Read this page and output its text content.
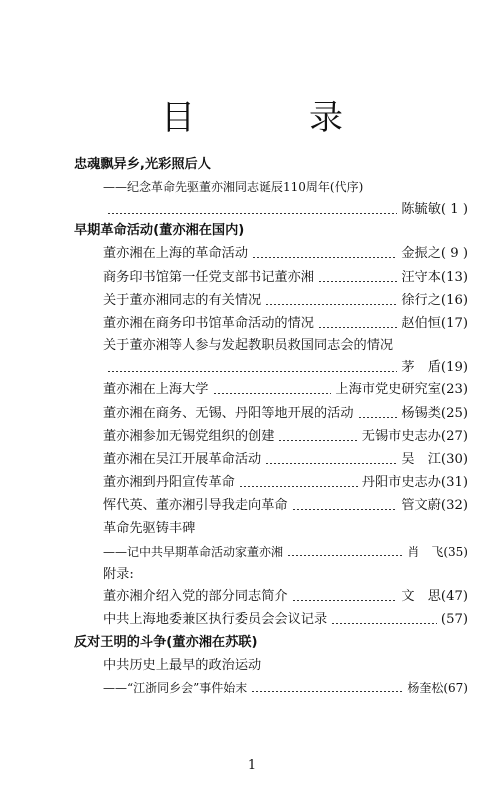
目　录
忠魂飘异乡,光彩照后人
——纪念革命先驱董亦湘同志诞辰110周年(代序)
陈毓敏( 1 )
早期革命活动(董亦湘在国内)
董亦湘在上海的革命活动	金振之( 9 )
商务印书馆第一任党支部书记董亦湘	汪守本(13)
关于董亦湘同志的有关情况	徐行之(16)
董亦湘在商务印书馆革命活动的情况	赵伯恒(17)
关于董亦湘等人参与发起教职员救国同志会的情况
茅　盾(19)
董亦湘在上海大学	上海市党史研究室(23)
董亦湘在商务、无锡、丹阳等地开展的活动	杨锡类(25)
董亦湘参加无锡党组织的创建	无锡市史志办(27)
董亦湘在吴江开展革命活动	吴　江(30)
董亦湘到丹阳宣传革命	丹阳市史志办(31)
恽代英、董亦湘引导我走向革命	管文蔚(32)
革命先驱铸丰碑
——记中共早期革命活动家董亦湘	肖　飞(35)
附录:
董亦湘介绍入党的部分同志简介	文　思(47)
中共上海地委兼区执行委员会会议记录	(57)
反对王明的斗争(董亦湘在苏联)
中共历史上最早的政治运动
——“江浙同乡会”事件始末	杨奎松(67)
1
